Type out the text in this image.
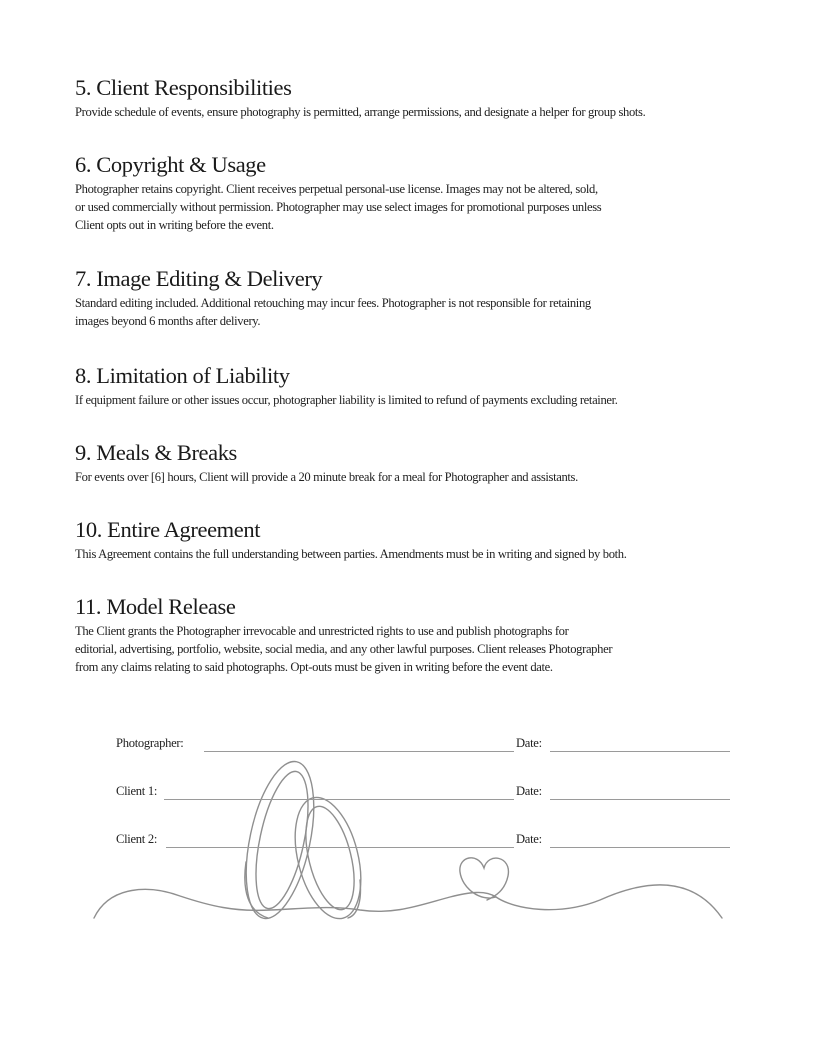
5. Client Responsibilities

Provide schedule of events, ensure photography is permitted, arrange permissions, and designate a helper for group shots.

6. Copyright & Usage

Photographer retains copyright. Client receives perpetual personal-use license. Images may not be altered, sold,
or used commercially without permission. Photographer may use select images for promotional purposes unless
Client opts out in writing before the event.

7. Image Editing & Delivery

Standard editing included. Additional retouching may incur fees. Photographer is not responsible for retaining
images beyond 6 months after delivery.

8. Limitation of Liability

If equipment failure or other issues occur, photographer liability is limited to refund of payments excluding retainer.

9. Meals & Breaks

For events over [6] hours, Client will provide a 20 minute break for a meal for Photographer and assistants.

10. Entire Agreement

This Agreement contains the full understanding between parties. Amendments must be in writing and signed by both.

11. Model Release

The Client grants the Photographer irrevocable and unrestricted rights to use and publish photographs for
editorial, advertising, portfolio, website, social media, and any other lawful purposes. Client releases Photographer
from any claims relating to said photographs. Opt-outs must be given in writing before the event date.

Photographer:	Date:
Client 1:	Date:
Client 2:	Date:
